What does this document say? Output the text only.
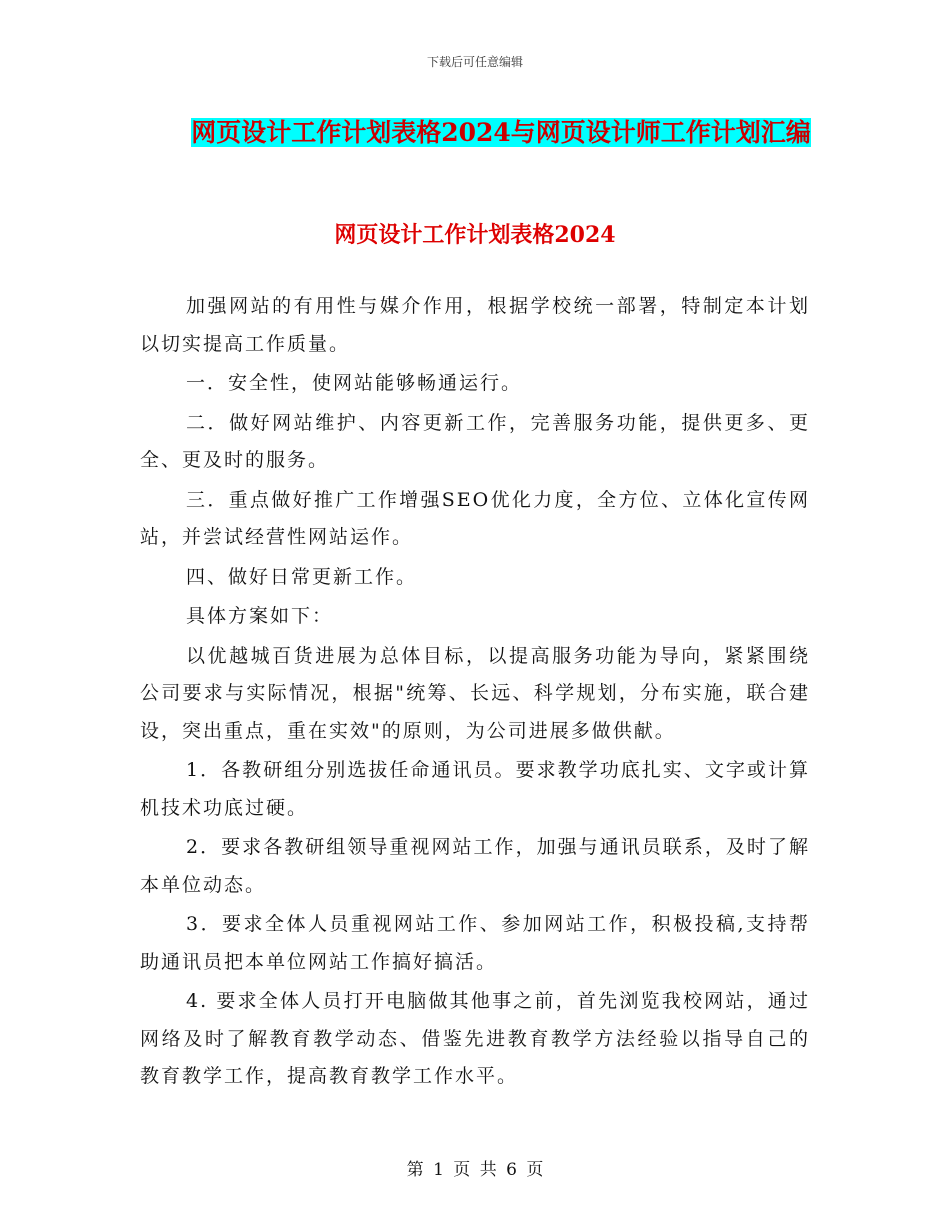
下载后可任意编辑
网页设计工作计划表格2024与网页设计师工作计划汇编
网页设计工作计划表格2024

加强网站的有用性与媒介作用，根据学校统一部署，特制定本计划以切实提高工作质量。

一．安全性，使网站能够畅通运行。

二．做好网站维护、内容更新工作，完善服务功能，提供更多、更全、更及时的服务。

三．重点做好推广工作增强SEO优化力度，全方位、立体化宣传网站，并尝试经营性网站运作。

四、做好日常更新工作。

具体方案如下：

以优越城百货进展为总体目标，以提高服务功能为导向，紧紧围绕公司要求与实际情况，根据"统筹、长远、科学规划，分布实施，联合建设，突出重点，重在实效"的原则，为公司进展多做供献。

1．各教研组分别选拔任命通讯员。要求教学功底扎实、文字或计算机技术功底过硬。

2．要求各教研组领导重视网站工作，加强与通讯员联系，及时了解本单位动态。

3．要求全体人员重视网站工作、参加网站工作，积极投稿,支持帮助通讯员把本单位网站工作搞好搞活。

4. 要求全体人员打开电脑做其他事之前，首先浏览我校网站，通过网络及时了解教育教学动态、借鉴先进教育教学方法经验以指导自己的教育教学工作，提高教育教学工作水平。

第 1 页 共 6 页
